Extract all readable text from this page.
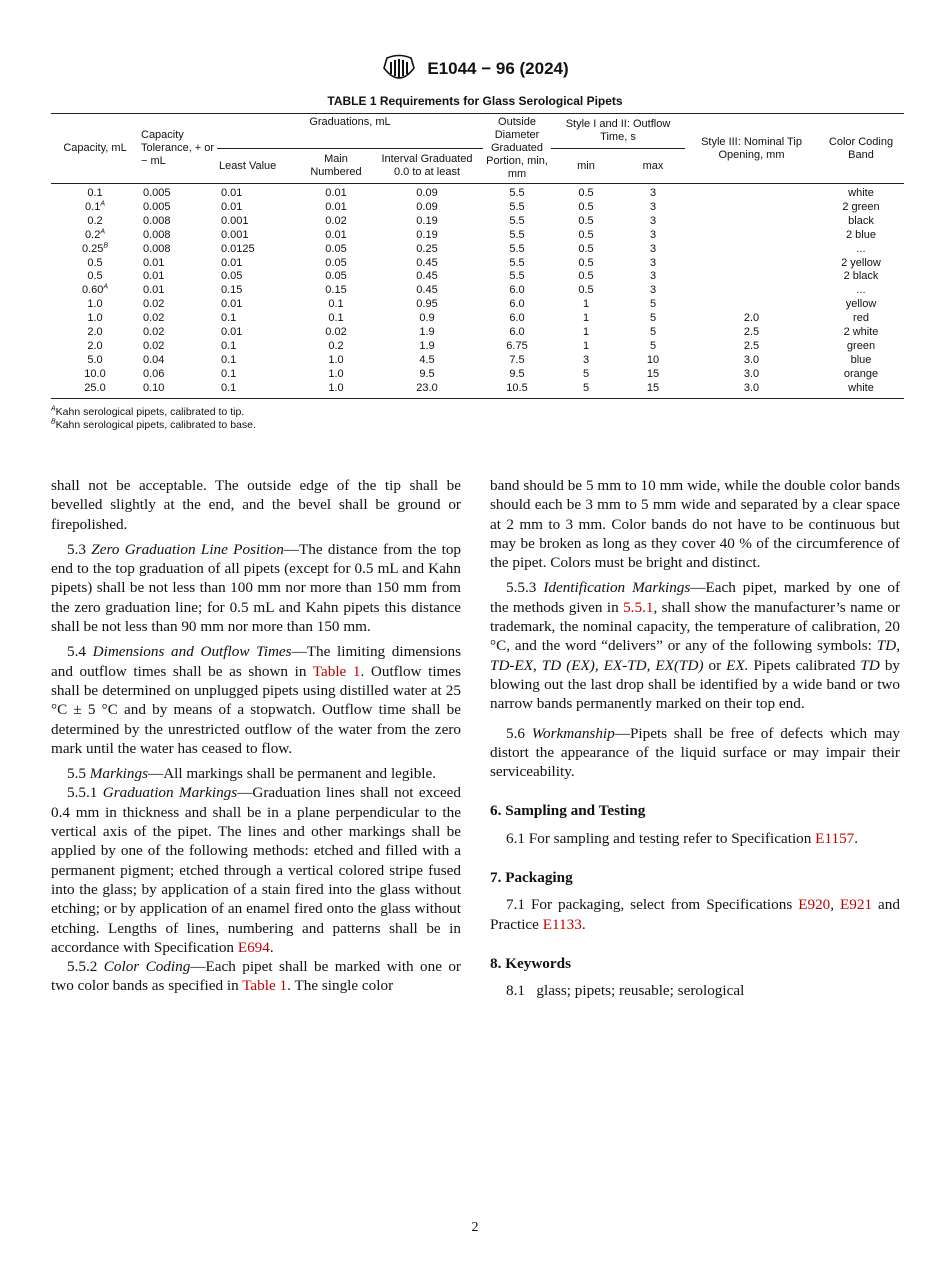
E1044 − 96 (2024)
TABLE 1 Requirements for Glass Serological Pipets
Capacity, mL	Capacity Tolerance, + or − mL	Graduations, mL			Outside Diameter Graduated Portion, min, mm	Style I and II: Outflow Time, s		Style III: Nominal Tip Opening, mm	Color Coding Band
		Least Value	Main Numbered	Interval Graduated 0.0 to at least		min	max		
0.1	0.005	0.01	0.01	0.09	5.5	0.5	3		white
$0.1^A$	0.005	0.01	0.01	0.09	5.5	0.5	3		2 green
0.2	0.008	0.001	0.02	0.19	5.5	0.5	3		black
$0.2^A$	0.008	0.001	0.01	0.19	5.5	0.5	3		2 blue
$0.25^B$	0.008	0.0125	0.05	0.25	5.5	0.5	3		...
0.5	0.01	0.01	0.05	0.45	5.5	0.5	3		2 yellow
0.5	0.01	0.05	0.05	0.45	5.5	0.5	3		2 black
$0.60^A$	0.01	0.15	0.15	0.45	6.0	0.5	3		...
1.0	0.02	0.01	0.1	0.95	6.0	1	5		yellow
1.0	0.02	0.1	0.1	0.9	6.0	1	5	2.0	red
2.0	0.02	0.01	0.02	1.9	6.0	1	5	2.5	2 white
2.0	0.02	0.1	0.2	1.9	6.75	1	5	2.5	green
5.0	0.04	0.1	1.0	4.5	7.5	3	10	3.0	blue
10.0	0.06	0.1	1.0	9.5	9.5	5	15	3.0	orange
25.0	0.10	0.1	1.0	23.0	10.5	5	15	3.0	white
$^A$Kahn serological pipets, calibrated to tip.
$^B$Kahn serological pipets, calibrated to base.

shall not be acceptable. The outside edge of the tip shall be bevelled slightly at the end, and the bevel shall be ground or firepolished.

5.3 Zero Graduation Line Position—The distance from the top end to the top graduation of all pipets (except for 0.5 mL and Kahn pipets) shall be not less than 100 mm nor more than 150 mm from the zero graduation line; for 0.5 mL and Kahn pipets this distance shall be not less than 90 mm nor more than 150 mm.

5.4 Dimensions and Outflow Times—The limiting dimensions and outflow times shall be as shown in Table 1. Outflow times shall be determined on unplugged pipets using distilled water at 25 °C ± 5 °C and by means of a stopwatch. Outflow time shall be determined by the unrestricted outflow of the water from the zero mark until the water has ceased to flow.

5.5 Markings—All markings shall be permanent and legible.

5.5.1 Graduation Markings—Graduation lines shall not exceed 0.4 mm in thickness and shall be in a plane perpendicular to the vertical axis of the pipet. The lines and other markings shall be applied by one of the following methods: etched and filled with a permanent pigment; etched through a vertical colored stripe fused into the glass; by application of a stain fired into the glass without etching; or by application of an enamel fired onto the glass without etching. Lengths of lines, numbering and patterns shall be in accordance with Specification E694.

5.5.2 Color Coding—Each pipet shall be marked with one or two color bands as specified in Table 1. The single color

band should be 5 mm to 10 mm wide, while the double color bands should each be 3 mm to 5 mm wide and separated by a clear space at 2 mm to 3 mm. Color bands do not have to be continuous but may be broken as long as they cover 40 % of the circumference of the pipet. Colors must be bright and distinct.

5.5.3 Identification Markings—Each pipet, marked by one of the methods given in 5.5.1, shall show the manufacturer’s name or trademark, the nominal capacity, the temperature of calibration, 20 °C, and the word “delivers” or any of the following symbols: TD, TD-EX, TD (EX), EX-TD, EX(TD) or EX. Pipets calibrated TD by blowing out the last drop shall be identified by a wide band or two narrow bands permanently marked on their top end.

5.6 Workmanship—Pipets shall be free of defects which may distort the appearance of the liquid surface or may impair their serviceability.

6. Sampling and Testing

6.1 For sampling and testing refer to Specification E1157.

7. Packaging

7.1 For packaging, select from Specifications E920, E921 and Practice E1133.

8. Keywords

8.1   glass; pipets; reusable; serological

2
